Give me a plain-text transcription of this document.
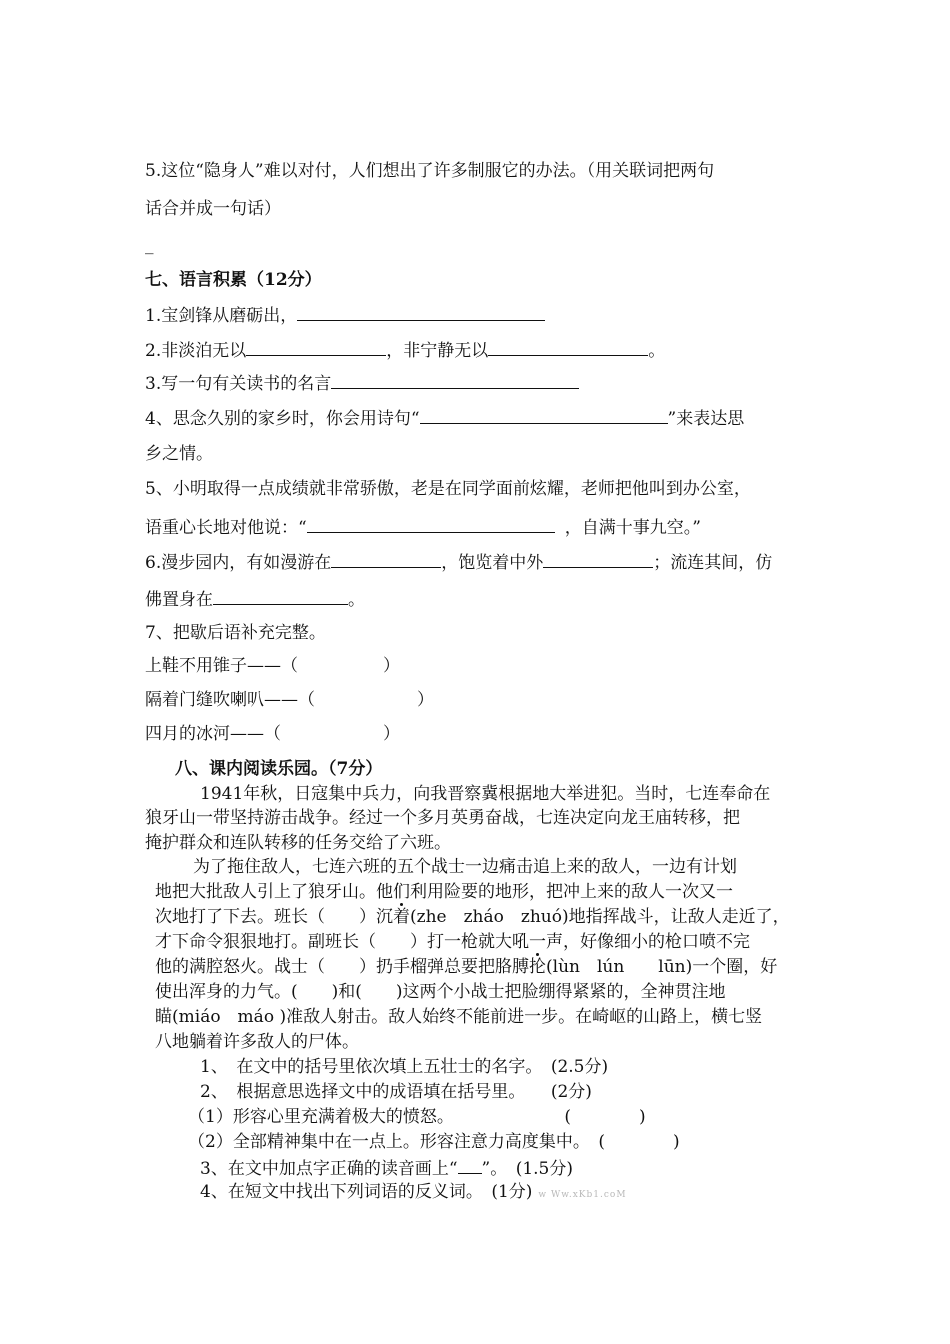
5.这位“隐身人”难以对付，人们想出了许多制服它的办法。（用关联词把两句
话合并成一句话）
_
七、语言积累（12分）
1.宝剑锋从磨砺出，
2.非淡泊无以	，非宁静无以	。
3.写一句有关读书的名言
4、思念久别的家乡时，你会用诗句“	”来表达思
乡之情。
5、小明取得一点成绩就非常骄傲，老是在同学面前炫耀，老师把他叫到办公室，
语重心长地对他说：“	，自满十事九空。”
6.漫步园内，有如漫游在	，饱览着中外	；流连其间，仿
佛置身在	。
7、把歇后语补充完整。
上鞋不用锥子——（　　　　　）
隔着门缝吹喇叭——（　　　　　　）
四月的冰河——（　　　　　　）
八、课内阅读乐园。（7分）
1941年秋，日寇集中兵力，向我晋察冀根据地大举进犯。当时，七连奉命在
狼牙山一带坚持游击战争。经过一个多月英勇奋战，七连决定向龙王庙转移，把
掩护群众和连队转移的任务交给了六班。
为了拖住敌人，七连六班的五个战士一边痛击追上来的敌人，一边有计划
地把大批敌人引上了狼牙山。他们利用险要的地形，把冲上来的敌人一次又一
次地打了下去。班长（　　）沉着(zhe　zháo　zhuó)地指挥战斗，让敌人走近了，
才下命令狠狠地打。副班长（　　）打一枪就大吼一声，好像细小的枪口喷不完
他的满腔怒火。战士（　　）扔手榴弹总要把胳膊抡(lùn　lún　　lūn)一个圈，好
使出浑身的力气。(　　)和(　　)这两个小战士把脸绷得紧紧的，全神贯注地
瞄(miáo　máo )准敌人射击。敌人始终不能前进一步。在崎岖的山路上，横七竖
八地躺着许多敌人的尸体。
1、　在文中的括号里依次填上五壮士的名字。　(2.5分)
2、　根据意思选择文中的成语填在括号里。　　(2分)
（1）形容心里充满着极大的愤怒。　　　　　　　(　　　　)
（2）全部精神集中在一点上。形容注意力高度集中。　(　　　　)
3、在文中加点字正确的读音画上“ ”。　(1.5分)
4、在短文中找出下列词语的反义词。　(1分) w Ww.xKb1.coM
